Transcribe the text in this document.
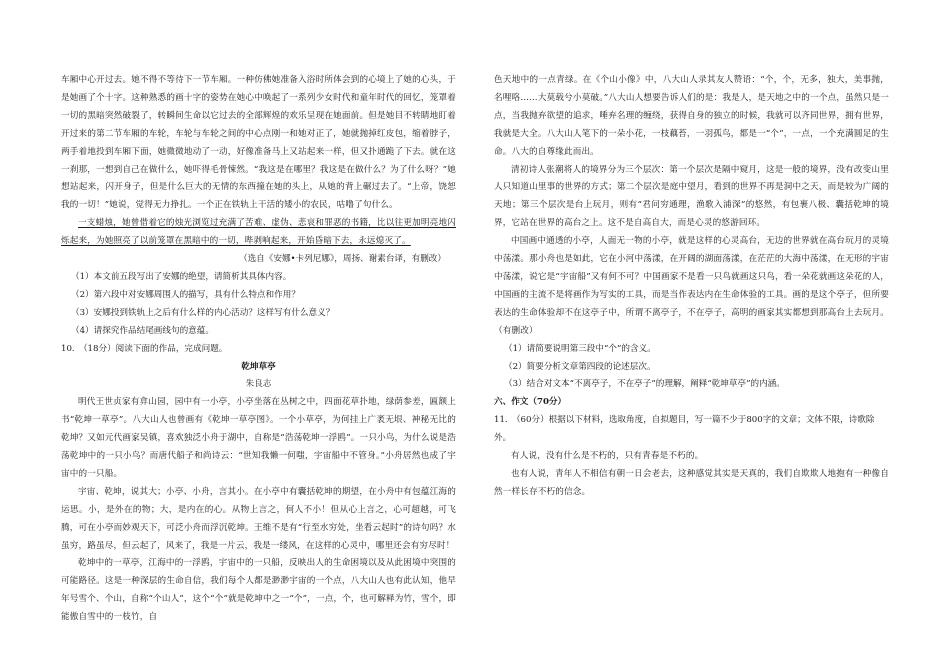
车厢中心开过去。她不得不等待下一节车厢。一种仿佛她准备入浴时所体会到的心境上了她的心头，于是她画了个十字。这种熟悉的画十字的姿势在她心中唤起了一系列少女时代和童年时代的回忆，笼罩着一切的黑暗突然破裂了，转瞬间生命以它过去的全部辉煌的欢乐呈现在她面前。但是她目不转睛地盯着开过来的第二节车厢的车轮，车轮与车轮之间的中心点刚一和她对正了，她就抛掉红皮包，缩着脖子，两手着地投到车厢下面，她微微地动了一动，好像准备马上又站起来一样，但又扑通跪了下去。就在这一刹那，一想到自己在做什么，她吓得毛骨悚然。“我这是在哪里？我这是在做什么？为了什么呀？”她想站起来，闪开身子，但是什么巨大的无情的东西撞在她的头上，从她的背上碾过去了。“上帝，饶恕我的一切！”她说，觉得无力挣扎。一个正在铁轨上干活的矮小的农民，咕噜了句什么。

一支蜡烛，她曾借着它的烛光浏览过充满了苦难、虚伪、悲哀和罪恶的书籍，比以往更加明亮地闪烁起来，为她照亮了以前笼罩在黑暗中的一切，哔剥响起来，开始昏暗下去，永远熄灭了。

（选自《安娜•卡列尼娜》，周扬、谢素台译，有删改）

（1）本文前五段写出了安娜的绝望，请简析其具体内容。

（2）第六段中对安娜周围人的描写，具有什么特点和作用？

（3）安娜投到铁轨上之后有什么样的内心活动？这样写有什么意义？

（4）请探究作品结尾画线句的意蕴。

10.　（18分）阅读下面的作品，完成问题。

乾坤草亭

朱良志

明代王世贞家有弇山园，园中有一小亭，小亭坐落在丛树之中，四面花草扑地，绿荫参差，匾额上书“乾坤一草亭”。八大山人也曾画有《乾坤一草亭图》。一个小草亭，为何挂上广袤无垠、神秘无比的乾坤？又如元代画家吴镇，喜欢独泛小舟于湖中，自称是“浩荡乾坤一浮鸥”。一只小鸟，为什么说是浩荡乾坤中的一只小鸟？而唐代船子和尚诗云：“世知我懒一何嗤，宇宙船中不管身。”小舟居然也成了宇宙中的一只船。

宇宙、乾坤，说其大；小亭、小舟，言其小。在小亭中有囊括乾坤的期望，在小舟中有包蕴江海的运思。小，是外在的物；大，是内在的心。从物上言之，何人不小！但从心上言之，心可超越，可飞腾，可在小亭而妙观天下，可泛小舟而浮沉乾坤。王维不是有“行至水穷处，坐看云起时”的诗句吗？水虽穷，路虽尽，但云起了，风来了，我是一片云，我是一缕风，在这样的心灵中，哪里还会有穷尽时！

乾坤中的一草亭，江海中的一浮鸥，宇宙中的一只船，反映出人的生命困境以及从此困境中突围的可能路径。这是一种深层的生命自信，我们每个人都是渺渺宇宙的一个点，八大山人也有此认知，他早年号雪个、个山，自称“个山人”，这个“个”就是乾坤中之一“个”，一点，个，也可解释为竹，雪个，即能傲自雪中的一枝竹，自

色天地中的一点青绿。在《个山小像》中，八大山人录其友人赞语：“个，个，无多，独大，美事抛，名哩咯……大莫载兮小莫破。”八大山人想要告诉人们的是：我是人，是天地之中的一个点，虽然只是一点，当我抛弃欲望的追求，唾弃名理的缠绕，获得自身的独立的时候，我就可以齐同世界，拥有世界，我就是大全。八大山人笔下的一朵小花，一枝藕苔，一羽孤鸟，都是一“个”，一点，一个充满圆足的生命。八大的自尊缘此而出。

清初诗人张潮将人的境界分为三个层次：第一个层次是隔中窥月，这是一般的境界，没有改变山里人只知道山里事的世界的方式；第二个层次是庭中望月，看到的世界不再是洞中之天，而是较为广阔的天地；第三个层次是台上玩月，则有“君问穷通理，渔歌入浦深”的悠然，有包裹八极、囊括乾坤的境界，它站在世界的高台之上。这不是自高自大，而是心灵的悠游回环。

中国画中通透的小亭，人面无一物的小亭，就是这样的心灵高台，无边的世界就在高台玩月的灵境中荡漾。那小舟也是如此，它在小河中荡漾，在开阔的湖面荡漾，在茫茫的大海中荡漾，在无形的宇宙中荡漾，说它是“宇宙船”又有何不可？中国画家不是看一只鸟就画这只鸟，看一朵花就画这朵花的人，中国画的主流不是将画作为写实的工具，而是当作表达内在生命体验的工具。画的是这个亭子，但所要表达的生命体验却不在这亭子中，所谓不离亭子，不在亭子，高明的画家其实都想到那高台上去玩月。（有删改）

（1）请简要说明第三段中“个”的含义。

（2）简要分析文章第四段的论述层次。

（3）结合对文本“不离亭子，不在亭子”的理解，阐释“乾坤草亭”的内涵。

六、作文（70分）

11.　（60分）根据以下材料，选取角度，自拟题目，写一篇不少于800字的文章；文体不限，诗歌除外。

有人说，没有什么是不朽的，只有青春是不朽的。

也有人说，青年人不相信有朝一日会老去，这种感觉其实是天真的，我们自欺欺人地抱有一种像自然一样长存不朽的信念。
